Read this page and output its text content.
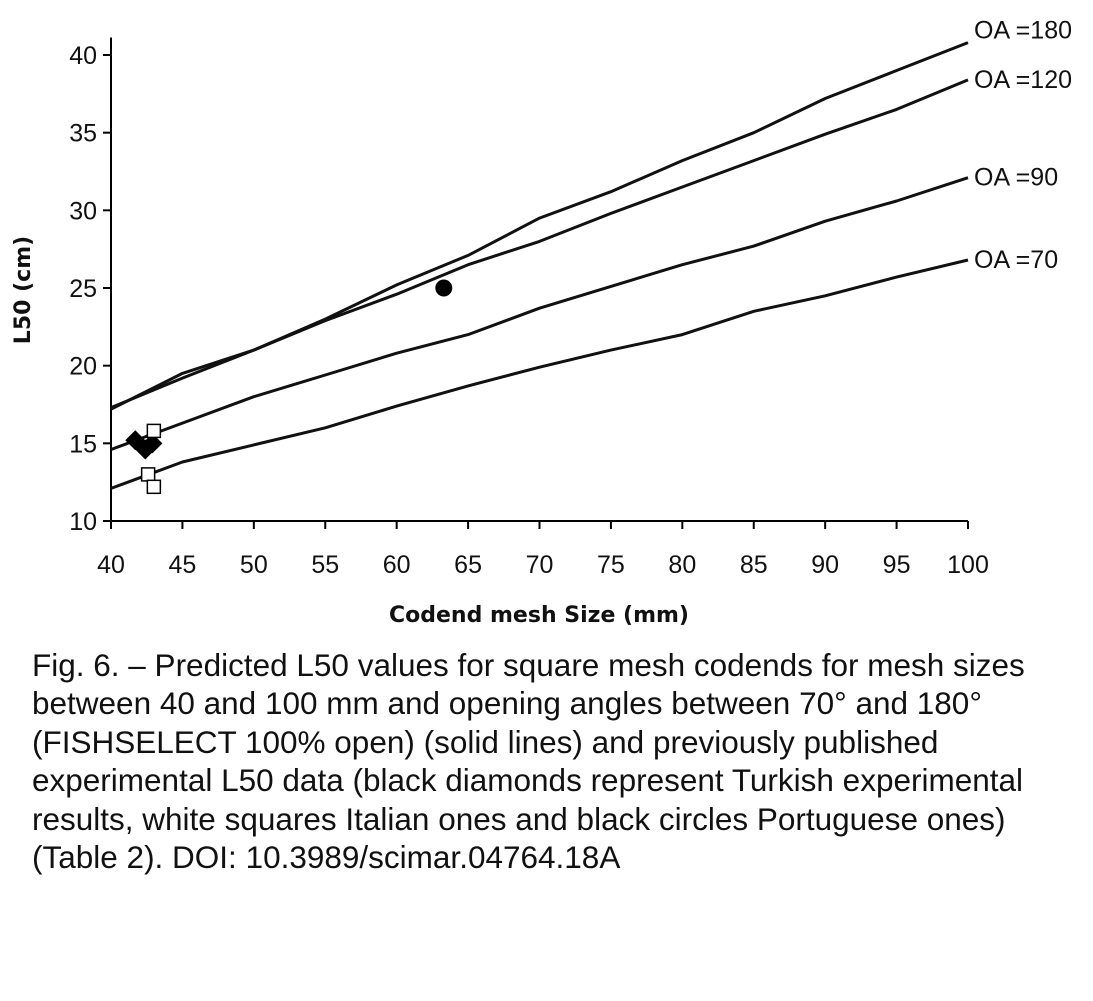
10
15
20
25
30
35
40
40 45 50 55 60 65 70 75 80 85 90 95 100
OA =180
OA =120
OA =90
OA =70
L50 (cm)
Codend mesh Size (mm)

Fig. 6. – Predicted L50 values for square mesh codends for mesh sizes between 40 and 100 mm and opening angles between 70° and 180° (FISHSELECT 100% open) (solid lines) and previously published experimental L50 data (black diamonds represent Turkish experimental results, white squares Italian ones and black circles Portuguese ones) (Table 2). DOI: 10.3989/scimar.04764.18A
